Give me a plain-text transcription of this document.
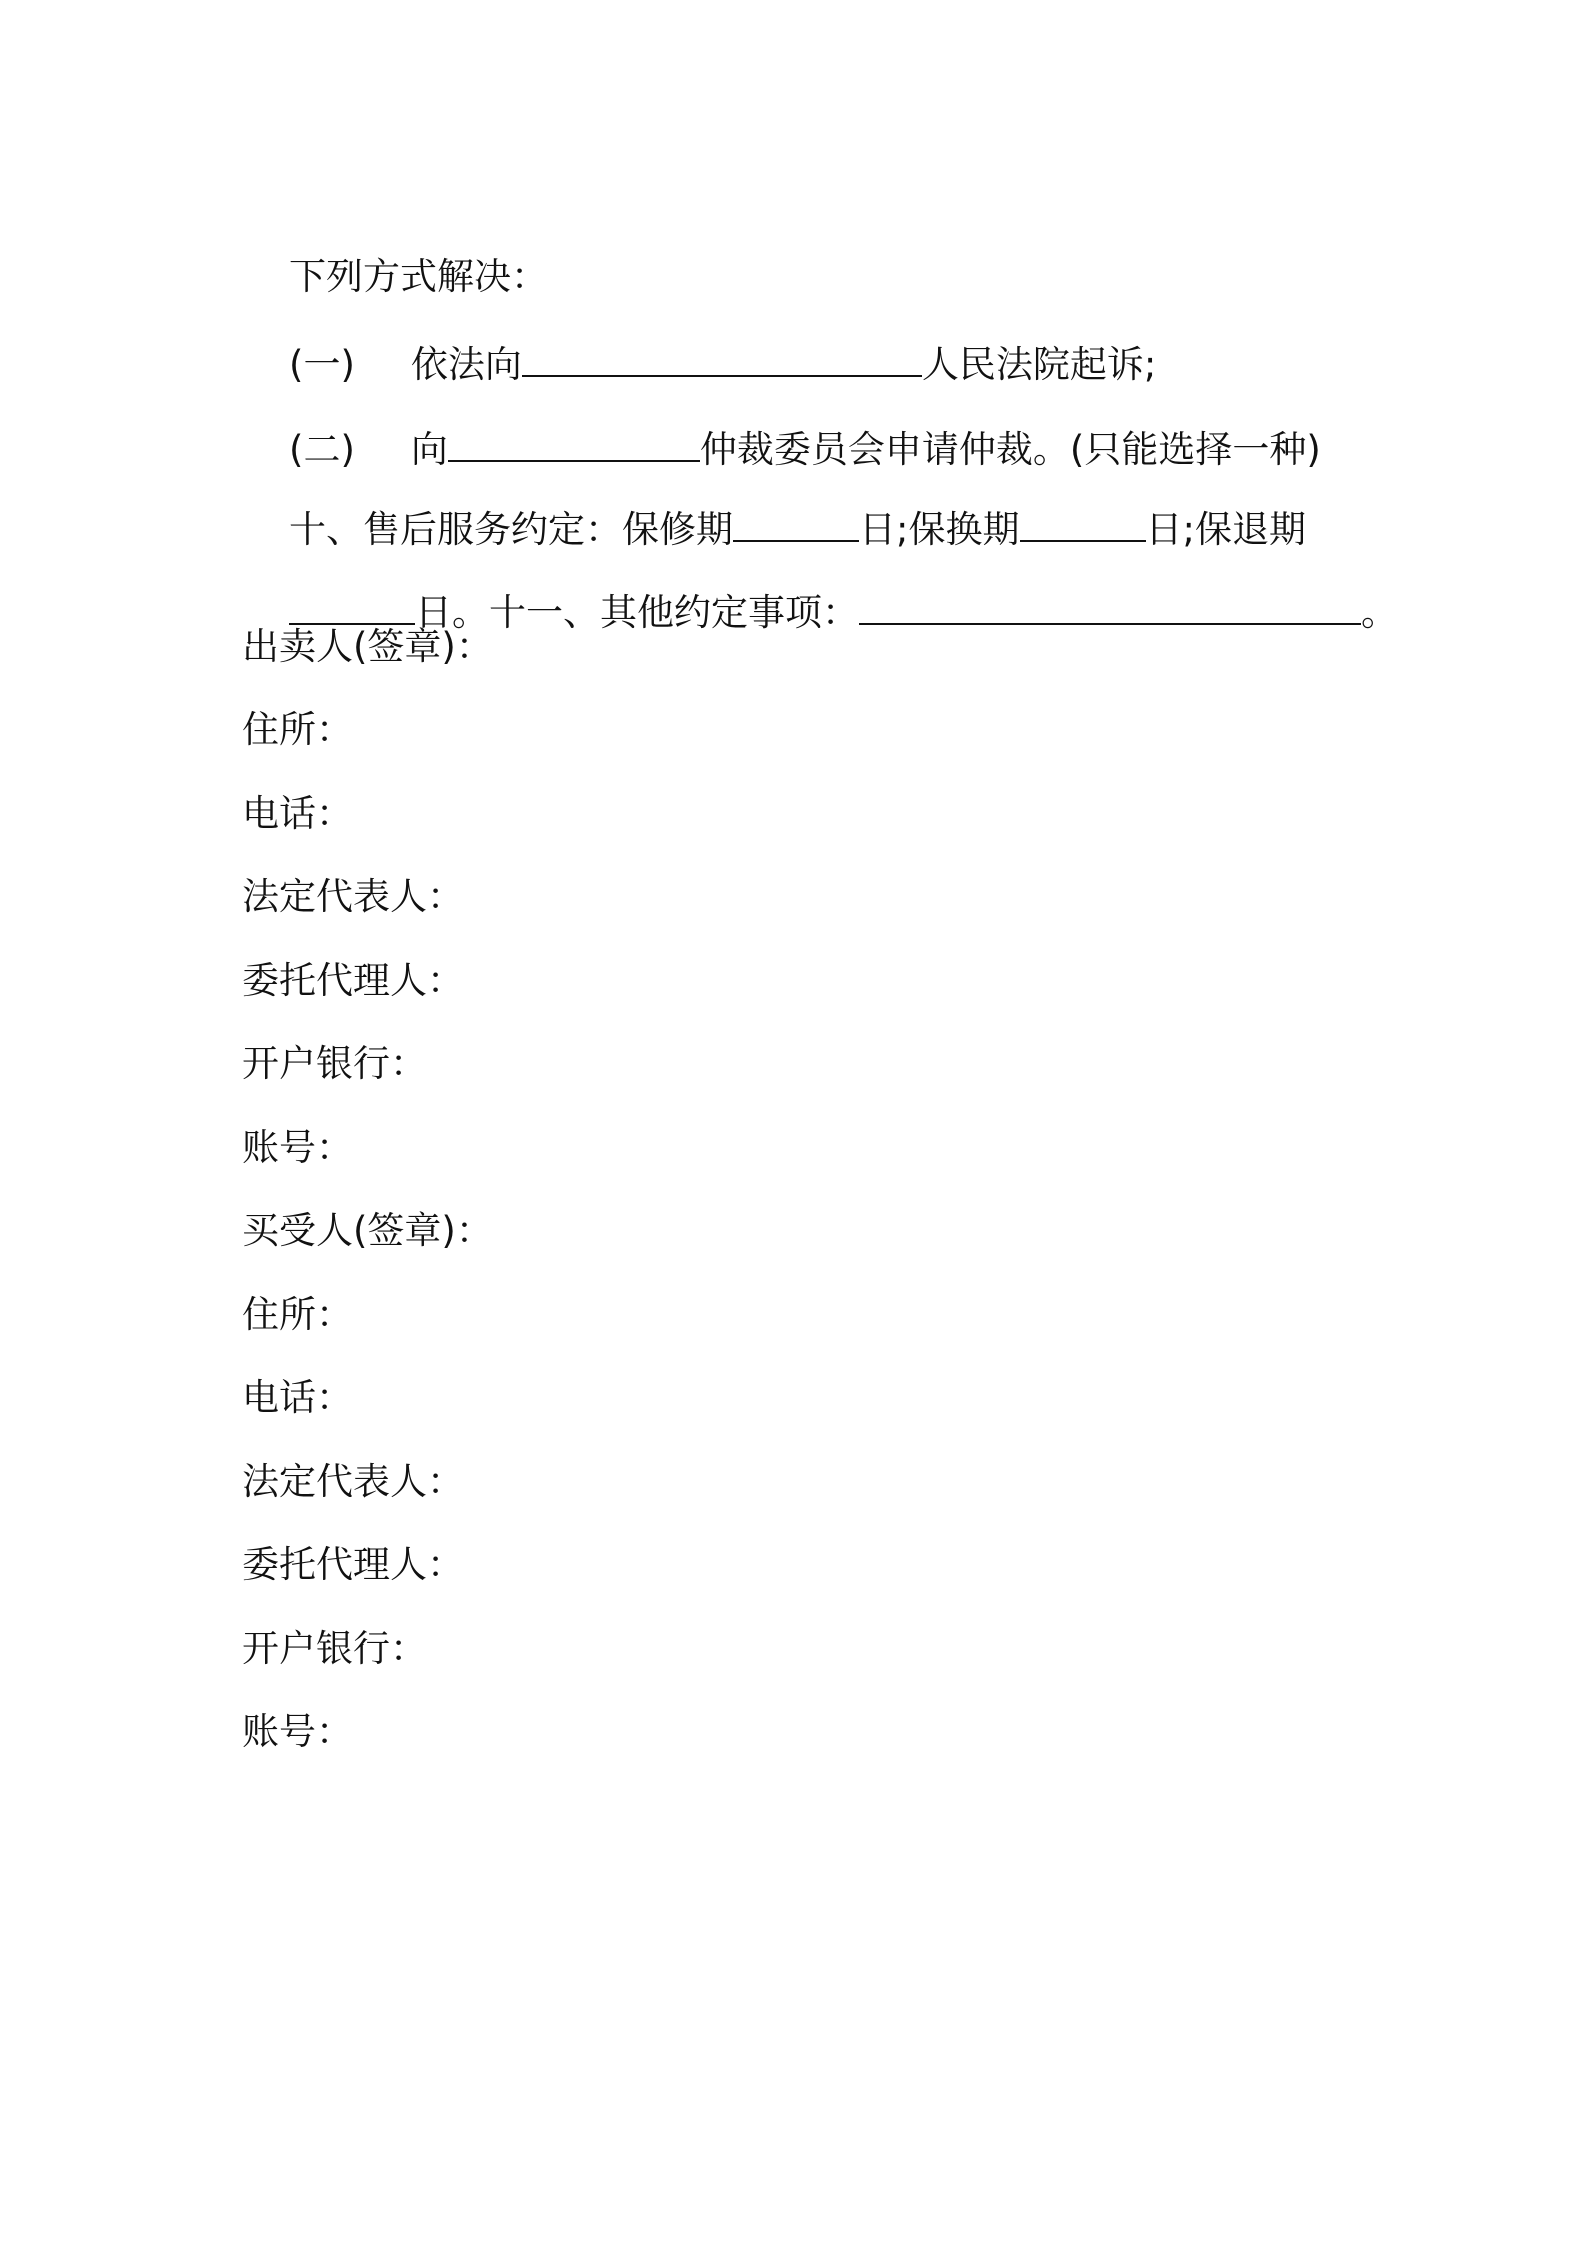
下列方式解决：

(一) 依法向	人民法院起诉;

(二) 向	仲裁委员会申请仲裁。(只能选择一种)

十、售后服务约定：保修期	日;保换期	日;保退期

日。十一、其他约定事项：	。

出卖人(签章)：
住所：
电话：
法定代表人：
委托代理人：
开户银行：
账号：
买受人(签章)：
住所：
电话：
法定代表人：
委托代理人：
开户银行：
账号：
